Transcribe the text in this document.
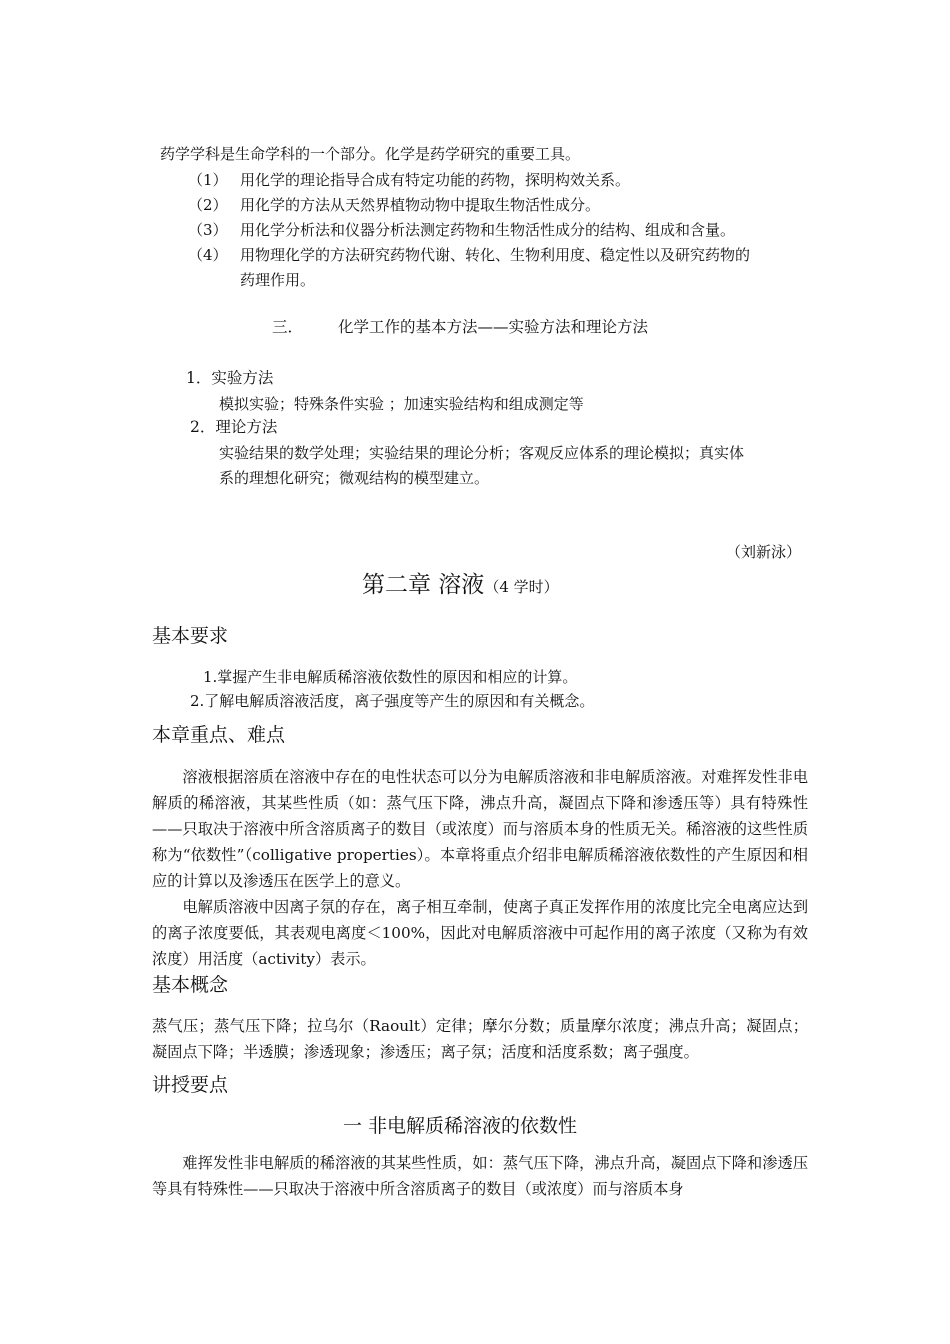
药学学科是生命学科的一个部分。化学是药学研究的重要工具。
（1） 用化学的理论指导合成有特定功能的药物，探明构效关系。
（2） 用化学的方法从天然界植物动物中提取生物活性成分。
（3） 用化学分析法和仪器分析法测定药物和生物活性成分的结构、组成和含量。
（4） 用物理化学的方法研究药物代谢、转化、生物利用度、稳定性以及研究药物的
药理作用。
三． 化学工作的基本方法——实验方法和理论方法
1．实验方法
模拟实验；特殊条件实验 ；加速实验结构和组成测定等
2．理论方法
实验结果的数学处理；实验结果的理论分析；客观反应体系的理论模拟；真实体
系的理想化研究；微观结构的模型建立。
（刘新泳）
第二章 溶液（4 学时）
基本要求
1.掌握产生非电解质稀溶液依数性的原因和相应的计算。
2.了解电解质溶液活度，离子强度等产生的原因和有关概念。
本章重点、难点

溶液根据溶质在溶液中存在的电性状态可以分为电解质溶液和非电解质溶液。对难挥发性非电解质的稀溶液，其某些性质（如：蒸气压下降，沸点升高，凝固点下降和渗透压等）具有特殊性——只取决于溶液中所含溶质离子的数目（或浓度）而与溶质本身的性质无关。稀溶液的这些性质称为“依数性”（colligative properties）。本章将重点介绍非电解质稀溶液依数性的产生原因和相应的计算以及渗透压在医学上的意义。

电解质溶液中因离子氛的存在，离子相互牵制，使离子真正发挥作用的浓度比完全电离应达到的离子浓度要低，其表观电离度＜100%，因此对电解质溶液中可起作用的离子浓度（又称为有效浓度）用活度（activity）表示。

基本概念

蒸气压；蒸气压下降；拉乌尔（Raoult）定律；摩尔分数；质量摩尔浓度；沸点升高；凝固点；凝固点下降；半透膜；渗透现象；渗透压；离子氛；活度和活度系数；离子强度。

讲授要点
一 非电解质稀溶液的依数性

难挥发性非电解质的稀溶液的其某些性质，如：蒸气压下降，沸点升高，凝固点下降和渗透压等具有特殊性——只取决于溶液中所含溶质离子的数目（或浓度）而与溶质本身
